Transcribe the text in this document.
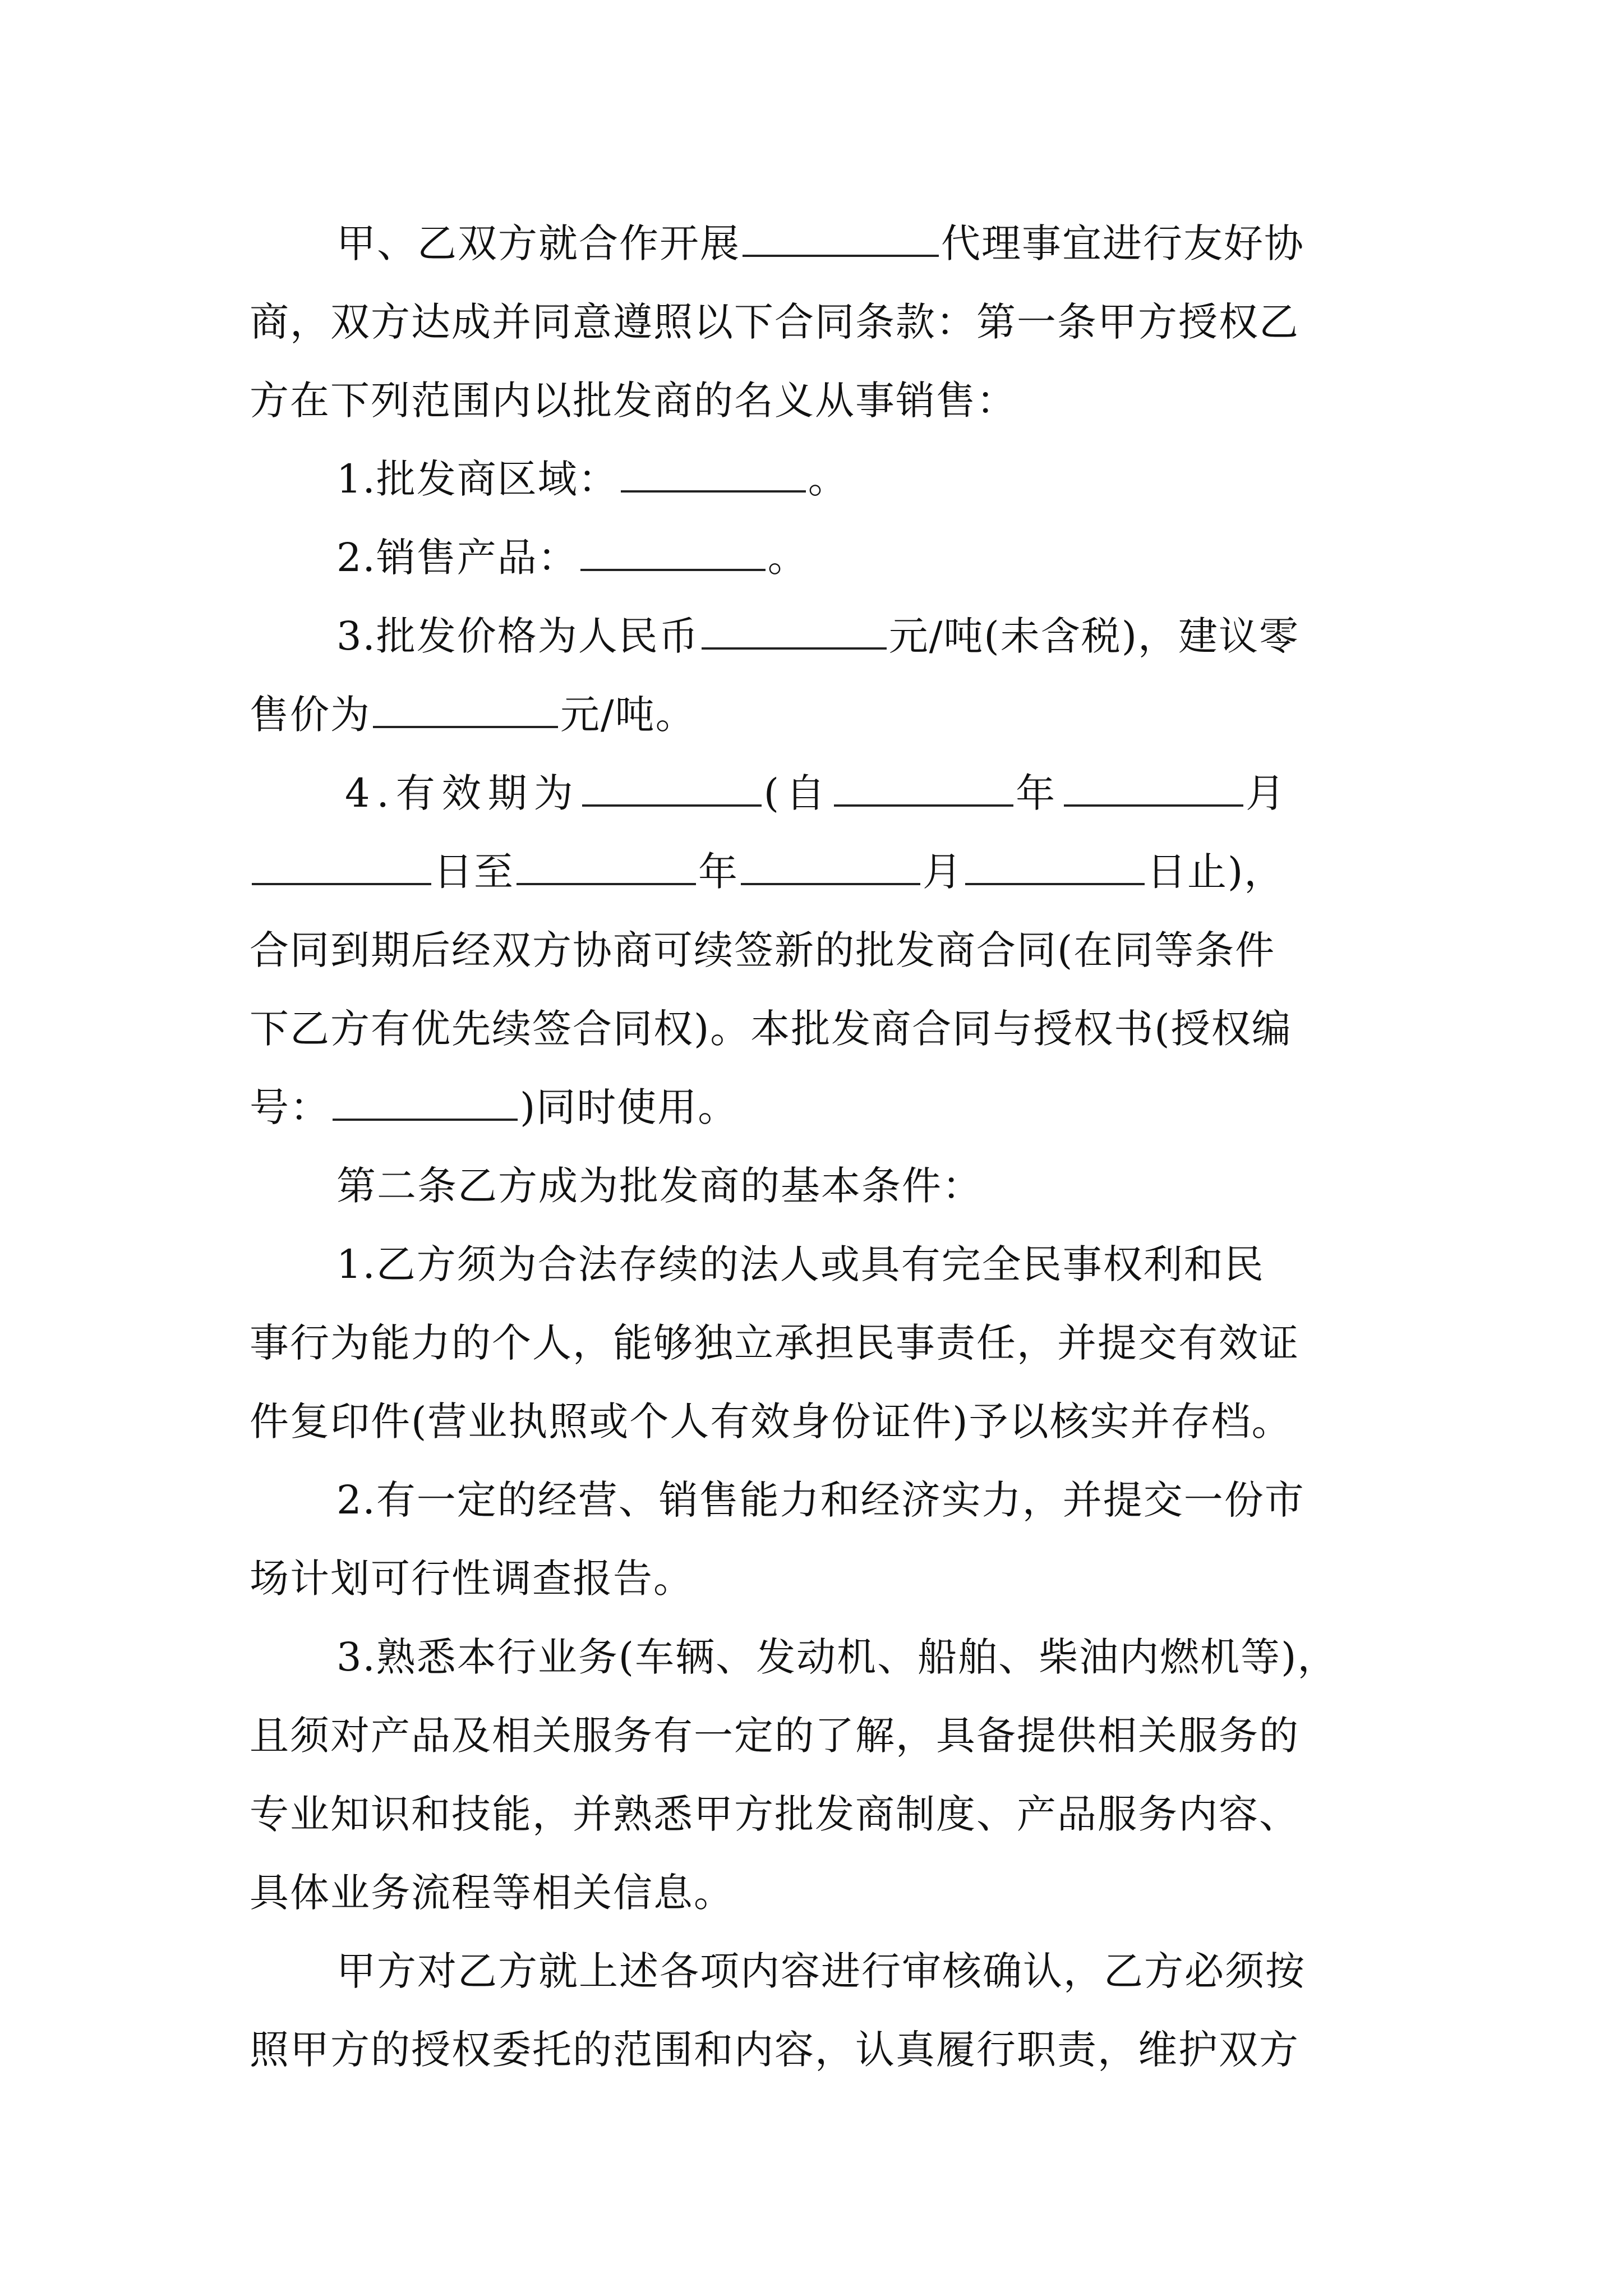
甲、乙双方就合作开展	代理事宜进行友好协
商，双方达成并同意遵照以下合同条款：第一条甲方授权乙
方在下列范围内以批发商的名义从事销售：
1.批发商区域：	。
2.销售产品：	。
3.批发价格为人民币	元/吨(未含税)，建议零
售价为	元/吨。
4.有效期为	(自	年	月
日至	年	月	日止)，
合同到期后经双方协商可续签新的批发商合同(在同等条件
下乙方有优先续签合同权)。本批发商合同与授权书(授权编
号：	)同时使用。
第二条乙方成为批发商的基本条件：
1.乙方须为合法存续的法人或具有完全民事权利和民
事行为能力的个人，能够独立承担民事责任，并提交有效证
件复印件(营业执照或个人有效身份证件)予以核实并存档。
2.有一定的经营、销售能力和经济实力，并提交一份市
场计划可行性调查报告。
3.熟悉本行业务(车辆、发动机、船舶、柴油内燃机等)，
且须对产品及相关服务有一定的了解，具备提供相关服务的
专业知识和技能，并熟悉甲方批发商制度、产品服务内容、
具体业务流程等相关信息。
甲方对乙方就上述各项内容进行审核确认，乙方必须按
照甲方的授权委托的范围和内容，认真履行职责，维护双方
